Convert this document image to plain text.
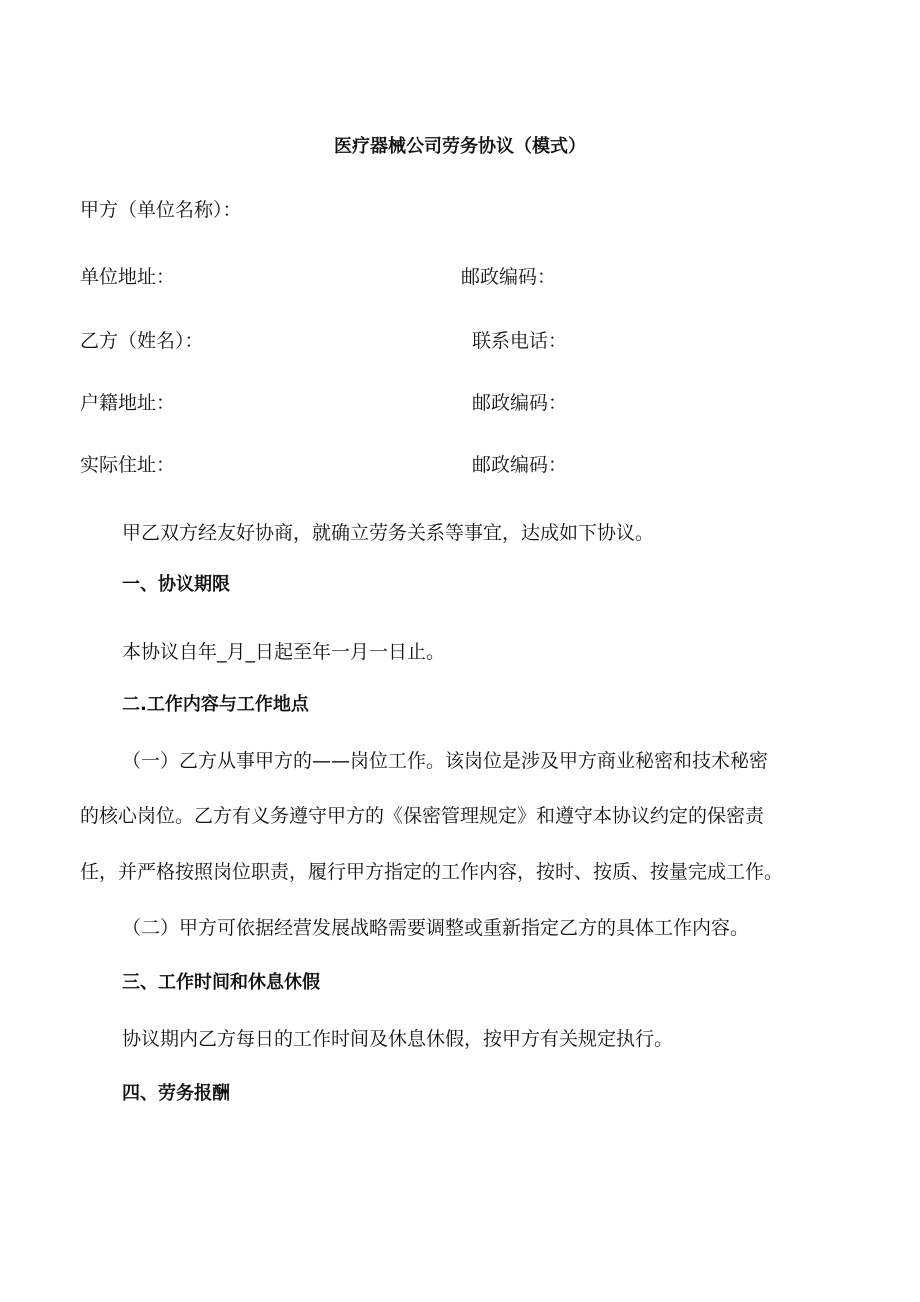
医疗器械公司劳务协议（模式）
甲方（单位名称）：
单位地址：	邮政编码：
乙方（姓名）：	联系电话：
户籍地址：	邮政编码：
实际住址：	邮政编码：
甲乙双方经友好协商，就确立劳务关系等事宜，达成如下协议。
一、协议期限
本协议自年_月_日起至年一月一日止。
二.工作内容与工作地点
（一）乙方从事甲方的——岗位工作。该岗位是涉及甲方商业秘密和技术秘密
的核心岗位。乙方有义务遵守甲方的《保密管理规定》和遵守本协议约定的保密责
任，并严格按照岗位职责，履行甲方指定的工作内容，按时、按质、按量完成工作。
（二）甲方可依据经营发展战略需要调整或重新指定乙方的具体工作内容。
三、工作时间和休息休假
协议期内乙方每日的工作时间及休息休假，按甲方有关规定执行。
四、劳务报酬
